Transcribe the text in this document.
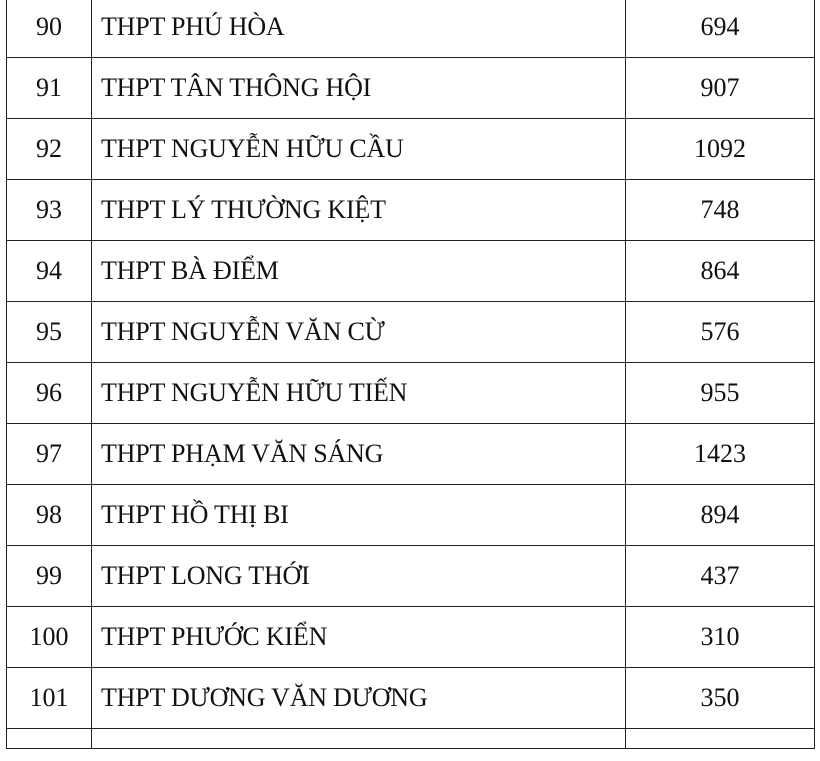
90	THPT PHÚ HÒA	694
91	THPT TÂN THÔNG HỘI	907
92	THPT NGUYỄN HỮU CẦU	1092
93	THPT LÝ THƯỜNG KIỆT	748
94	THPT BÀ ĐIỂM	864
95	THPT NGUYỄN VĂN CỪ	576
96	THPT NGUYỄN HỮU TIẾN	955
97	THPT PHẠM VĂN SÁNG	1423
98	THPT HỒ THỊ BI	894
99	THPT LONG THỚI	437
100	THPT PHƯỚC KIỂN	310
101	THPT DƯƠNG VĂN DƯƠNG	350
